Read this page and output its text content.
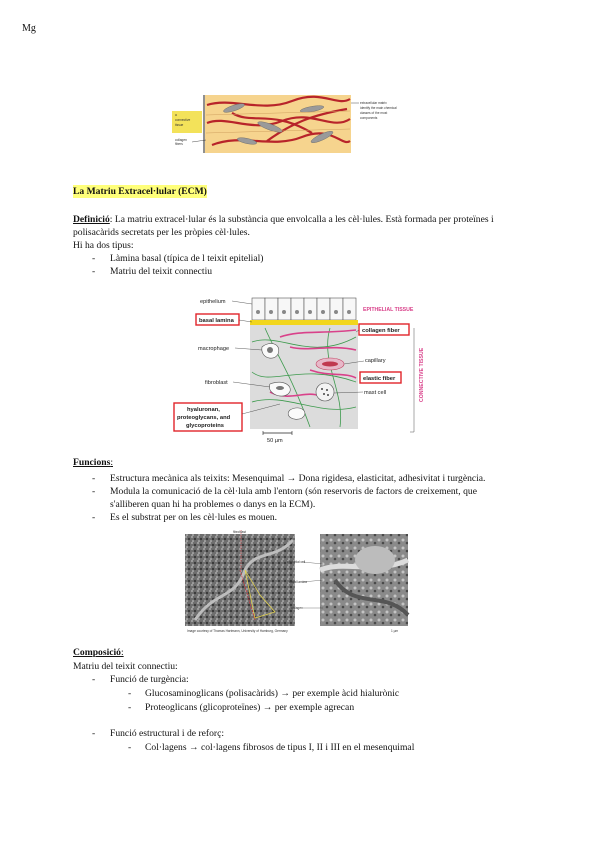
Mg
a
connective
tissue
collagen
fibers
extracellular matrix
identify the main chemical
classes of the most
components
La Matriu Extracel·lular (ECM)
Definició: La matriu extracel·lular és la substància que envolcalla a les cèl·lules. Està formada per proteïnes i
polisacàrids secretats per les pròpies cèl·lules.
Hi ha dos tipus:
- Làmina basal (típica de l teixit epitelial)
- Matriu del teixit connectiu
epithelium
basal lamina
macrophage
fibroblast
hyaluronan,
proteoglycans, and
glycoproteins
EPITHELIAL TISSUE
collagen fiber
capillary
elastic fiber
mast cell	CONNECTIVE TISSUE
50 µm
Funcions:
- Estructura mecànica als teixits: Mesenquimal → Dona rigidesa, elasticitat, adhesivitat i turgència.
- Modula la comunicació de la cèl·lula amb l'entorn (són reservoris de factors de creixement, que
s'alliberen quan hi ha problemes o danys en la ECM).
- Es el substrat per on les cèl·lules es mouen.
fibroblast
Image courtesy of Thomas Hartmann, University of Hamburg, Germany
epithelial cell
basal lamina
collagen
1 µm
Composició:
Matriu del teixit connectiu:
- Funció de turgència:
- Glucosaminoglicans (polisacàrids) → per exemple àcid hialurònic
- Proteoglicans (glicoproteïnes) → per exemple agrecan
- Funció estructural i de reforç:
- Col·lagens → col·lagens fibrosos de tipus I, II i III en el mesenquimal
